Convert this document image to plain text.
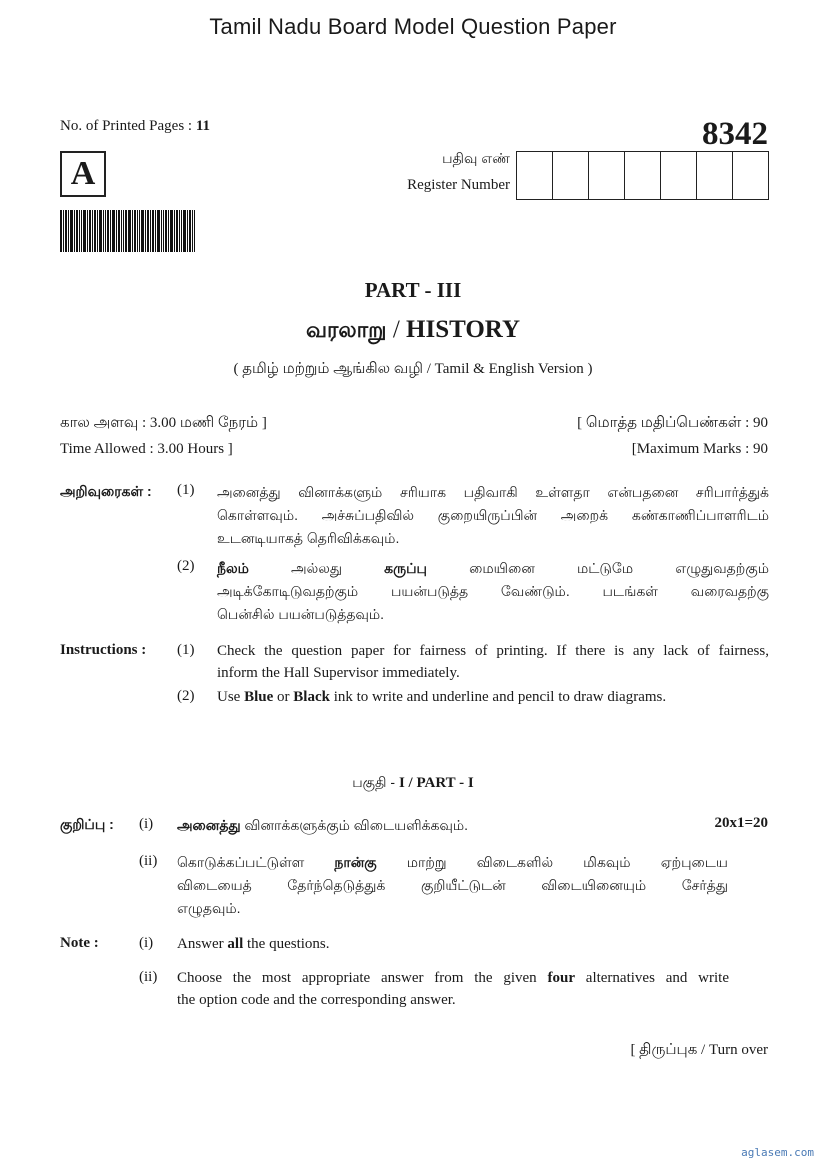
Tamil Nadu Board Model Question Paper
No. of Printed Pages : 11	8342
A	பதிவு எண்
Register Number
PART - III
வரலாறு / HISTORY
( தமிழ் மற்றும் ஆங்கில வழி / Tamil & English Version )
கால அளவு : 3.00 மணி நேரம் ]	[ மொத்த மதிப்பெண்கள் : 90
Time Allowed : 3.00 Hours ]	[Maximum Marks : 90
அறிவுரைகள் : (1) அனைத்து வினாக்களும் சரியாக பதிவாகி உள்ளதா என்பதனை சரிபார்த்துக்
கொள்ளவும். அச்சுப்பதிவில் குறையிருப்பின் அறைக் கண்காணிப்பாளரிடம்
உடனடியாகத் தெரிவிக்கவும்.
(2) நீலம்	அல்லது	கருப்பு	மையினை	மட்டுமே	எழுதுவதற்கும்
அடிக்கோடிடுவதற்கும் பயன்படுத்த வேண்டும். படங்கள் வரைவதற்கு
பென்சில் பயன்படுத்தவும்.
Instructions : (1) Check the question paper for fairness of printing. If there is any lack of fairness,
inform the Hall Supervisor immediately.
(2) Use Blue or Black ink to write and underline and pencil to draw diagrams.
பகுதி - I / PART - I
குறிப்பு : (i) அனைத்து வினாக்களுக்கும் விடையளிக்கவும்.	20x1=20
(ii) கொடுக்கப்பட்டுள்ள நான்கு மாற்று விடைகளில் மிகவும் ஏற்புடைய
விடையைத் தேர்ந்தெடுத்துக் குறியீட்டுடன் விடையினையும் சேர்த்து
எழுதவும்.
Note :	(i) Answer all the questions.
(ii) Choose the most appropriate answer from the given four alternatives and write
the option code and the corresponding answer.
[ திருப்புக / Turn over
aglasem.com
